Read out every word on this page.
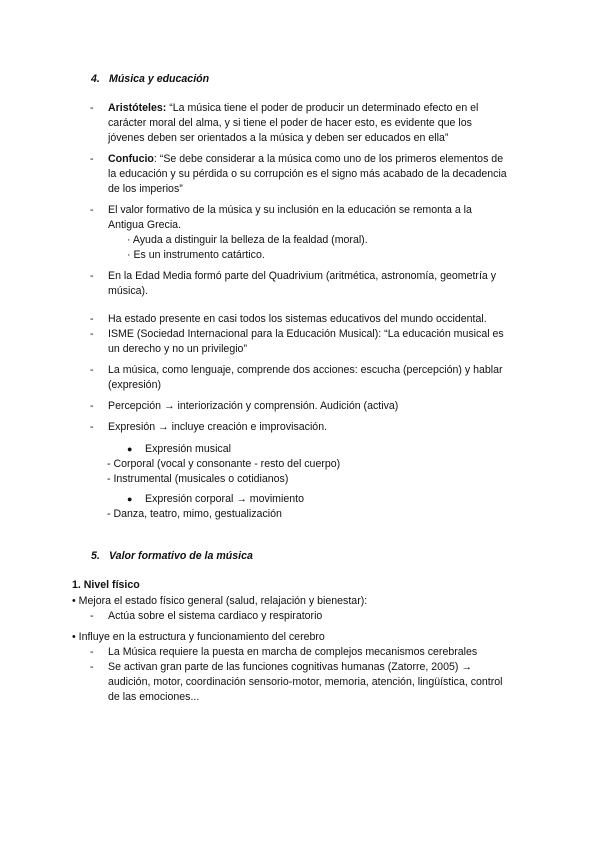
4. Música y educación
- Aristóteles: “La música tiene el poder de producir un determinado efecto en el
carácter moral del alma, y si tiene el poder de hacer esto, es evidente que los
jóvenes deben ser orientados a la música y deben ser educados en ella”
- Confucio: “Se debe considerar a la música como uno de los primeros elementos de
la educación y su pérdida o su corrupción es el signo más acabado de la decadencia
de los imperios”
- El valor formativo de la música y su inclusión en la educación se remonta a la
Antigua Grecia.
· Ayuda a distinguir la belleza de la fealdad (moral).
· Es un instrumento catártico.
- En la Edad Media formó parte del Quadrivium (aritmética, astronomía, geometría y
música).
- Ha estado presente en casi todos los sistemas educativos del mundo occidental.
- ISME (Sociedad Internacional para la Educación Musical): “La educación musical es
un derecho y no un privilegio”
- La música, como lenguaje, comprende dos acciones: escucha (percepción) y hablar
(expresión)
- Percepción → interiorización y comprensión. Audición (activa)
- Expresión → incluye creación e improvisación.
● Expresión musical
- Corporal (vocal y consonante - resto del cuerpo)
- Instrumental (musicales o cotidianos)
● Expresión corporal → movimiento
- Danza, teatro, mimo, gestualización
5. Valor formativo de la música
1. Nivel físico
• Mejora el estado físico general (salud, relajación y bienestar):
- Actúa sobre el sistema cardiaco y respiratorio
• Influye en la estructura y funcionamiento del cerebro
- La Música requiere la puesta en marcha de complejos mecanismos cerebrales
- Se activan gran parte de las funciones cognitivas humanas (Zatorre, 2005) →
audición, motor, coordinación sensorio-motor, memoria, atención, lingüística, control
de las emociones...
